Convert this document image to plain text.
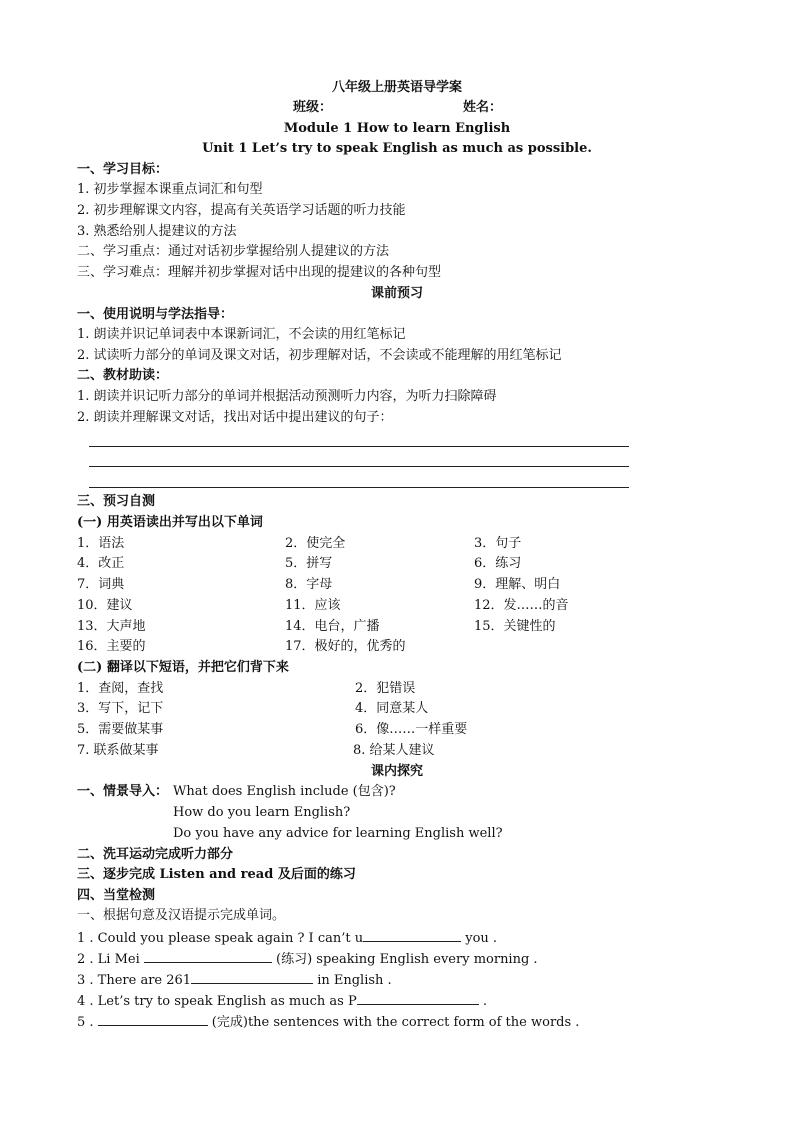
八年级上册英语导学案
班级：	姓名：
Module 1 How to learn English
Unit 1 Let’s try to speak English as much as possible.
一、学习目标：
1. 初步掌握本课重点词汇和句型
2. 初步理解课文内容，提高有关英语学习话题的听力技能
3. 熟悉给别人提建议的方法
二、学习重点：通过对话初步掌握给别人提建议的方法
三、学习难点：理解并初步掌握对话中出现的提建议的各种句型
课前预习
一、使用说明与学法指导：
1. 朗读并识记单词表中本课新词汇，不会读的用红笔标记
2. 试读听力部分的单词及课文对话，初步理解对话，不会读或不能理解的用红笔标记
二、教材助读：
1. 朗读并识记听力部分的单词并根据活动预测听力内容，为听力扫除障碍
2. 朗读并理解课文对话，找出对话中提出建议的句子：
三、预习自测
(一) 用英语读出并写出以下单词
1．语法	2．使完全	3．句子
4．改正	5．拼写	6．练习
7．词典	8．字母	9．理解、明白
10．建议	11．应该	12．发……的音
13．大声地	14．电台，广播	15．关键性的
16．主要的	17．极好的，优秀的
(二) 翻译以下短语，并把它们背下来
1．查阅，查找	2．犯错误
3．写下，记下	4．同意某人
5．需要做某事	6．像……一样重要
7. 联系做某事	8. 给某人建议
课内探究
一、情景导入： What does English include (包含)?
How do you learn English?
Do you have any advice for learning English well?
二、洗耳运动完成听力部分
三、逐步完成 Listen and read 及后面的练习
四、当堂检测
一、根据句意及汉语提示完成单词。
1 . Could you please speak again ? I can’t u	you .
2 . Li Mei	(练习) speaking English every morning .
3 . There are 261	in English .
4 . Let’s try to speak English as much as P	.
5 .	(完成)the sentences with the correct form of the words .
